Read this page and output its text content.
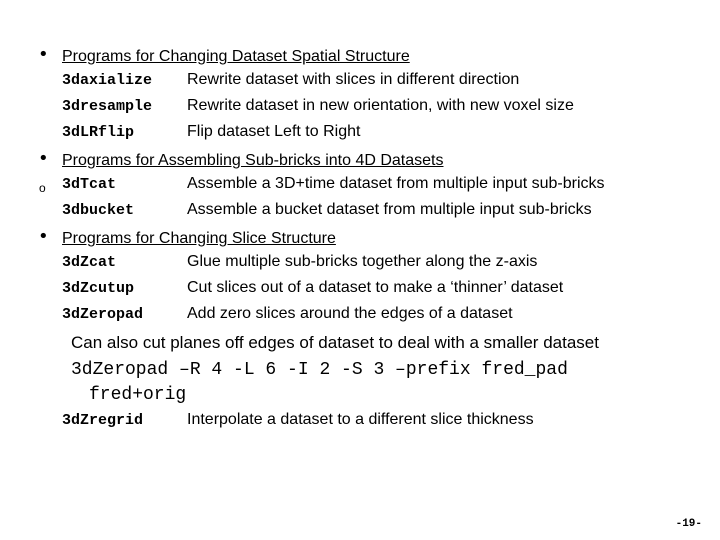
• Programs for Changing Dataset Spatial Structure
3daxialize Rewrite dataset with slices in different direction
3dresample Rewrite dataset in new orientation, with new voxel size
3dLRflip	Flip dataset Left to Right
• Programs for Assembling Sub-bricks into 4D Datasets
o 3dTcat	Assemble a 3D+time dataset from multiple input sub-bricks
3dbucket	Assemble a bucket dataset from multiple input sub-bricks
• Programs for Changing Slice Structure
3dZcat	Glue multiple sub-bricks together along the z-axis
3dZcutup	Cut slices out of a dataset to make a ‘thinner’ dataset
3dZeropad	Add zero slices around the edges of a dataset
Can also cut planes off edges of dataset to deal with a smaller dataset
3dZeropad –R 4 -L 6 -I 2 -S 3 –prefix fred_pad
fred+orig
3dZregrid	Interpolate a dataset to a different slice thickness
-19-
